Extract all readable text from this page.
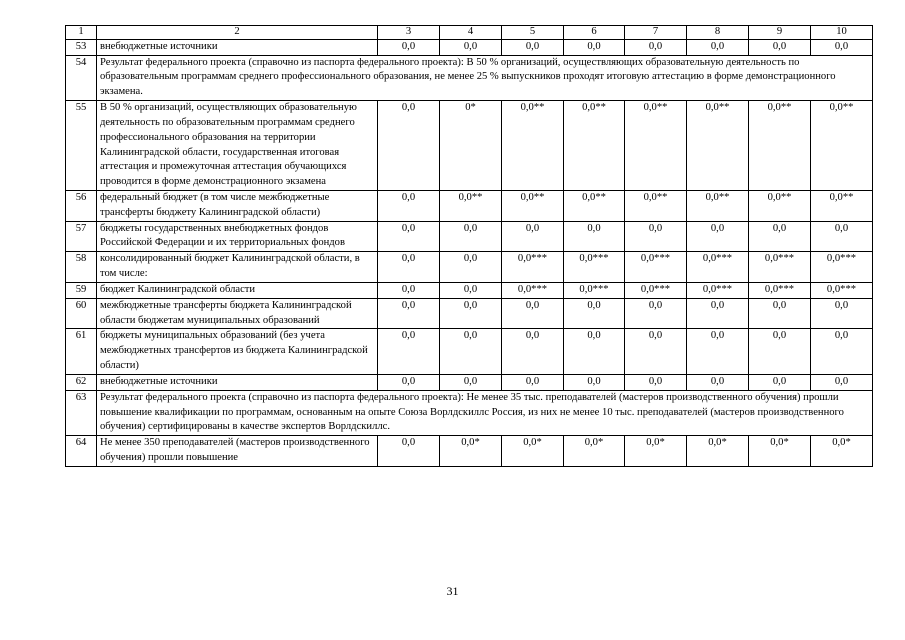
1	2	3	4	5	6	7	8	9	10
53	внебюджетные источники	0,0	0,0	0,0	0,0	0,0	0,0	0,0	0,0
54	Результат федерального проекта (справочно из паспорта федерального проекта): В 50 % организаций, осуществляющих образовательную деятельность по образовательным программам среднего профессионального образования, не менее 25 % выпускников проходят итоговую аттестацию в форме демонстрационного экзамена.								
55	В 50 % организаций, осуществляющих образовательную деятельность по образовательным программам среднего профессионального образования на территории Калининградской области, государственная итоговая аттестация и промежуточная аттестация обучающихся проводится в форме демонстрационного экзамена	0,0	0*	0,0**	0,0**	0,0**	0,0**	0,0**	0,0**
56	федеральный бюджет (в том числе межбюджетные трансферты бюджету Калининградской области)	0,0	0,0**	0,0**	0,0**	0,0**	0,0**	0,0**	0,0**
57	бюджеты государственных внебюджетных фондов Российской Федерации и их территориальных фондов	0,0	0,0	0,0	0,0	0,0	0,0	0,0	0,0
58	консолидированный бюджет Калининградской области, в том числе:	0,0	0,0	0,0***	0,0***	0,0***	0,0***	0,0***	0,0***
59	бюджет Калининградской области	0,0	0,0	0,0***	0,0***	0,0***	0,0***	0,0***	0,0***
60	межбюджетные трансферты бюджета Калининградской области бюджетам муниципальных образований	0,0	0,0	0,0	0,0	0,0	0,0	0,0	0,0
61	бюджеты муниципальных образований (без учета межбюджетных трансфертов из бюджета Калининградской области)	0,0	0,0	0,0	0,0	0,0	0,0	0,0	0,0
62	внебюджетные источники	0,0	0,0	0,0	0,0	0,0	0,0	0,0	0,0
63	Результат федерального проекта (справочно из паспорта федерального проекта): Не менее 35 тыс. преподавателей (мастеров производственного обучения) прошли повышение квалификации по программам, основанным на опыте Союза Ворлдскиллс Россия, из них не менее 10 тыс. преподавателей (мастеров производственного обучения) сертифицированы в качестве экспертов Ворлдскиллс.								
64	Не менее 350 преподавателей (мастеров производственного обучения) прошли повышение	0,0	0,0*	0,0*	0,0*	0,0*	0,0*	0,0*	0,0*
31
